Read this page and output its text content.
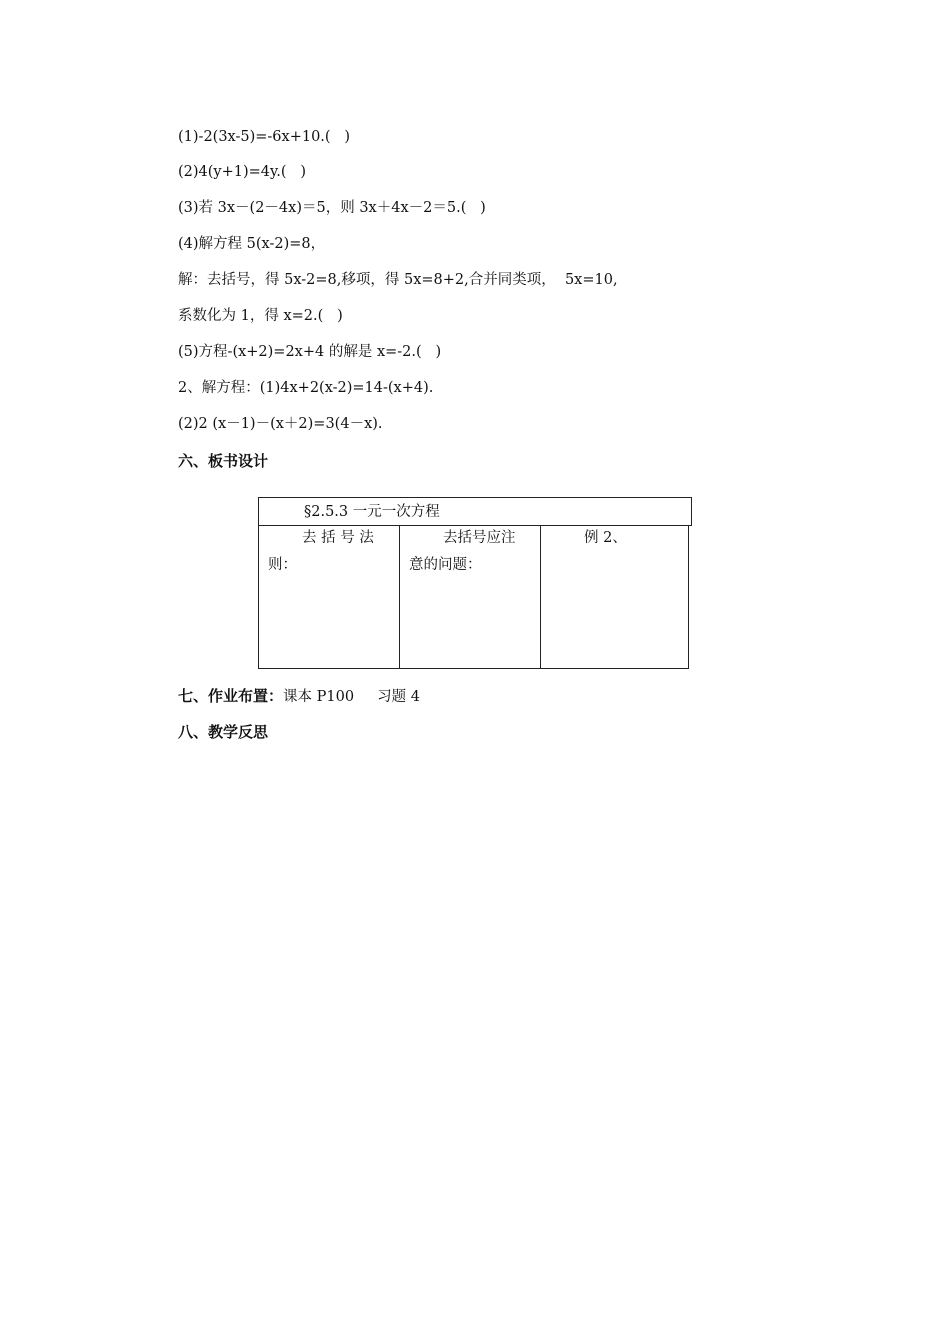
(1)-2(3x-5)=-6x+10.(   )
(2)4(y+1)=4y.(   )
(3)若 3x－(2－4x)＝5，则 3x＋4x－2＝5.(   )
(4)解方程 5(x-2)=8，
解：去括号，得 5x-2=8,移项，得 5x=8+2,合并同类项，  5x=10,
系数化为 1，得 x=2.(   )
(5)方程-(x+2)=2x+4 的解是 x=-2.(   )
2、解方程：(1)4x+2(x-2)=14-(x+4).
(2)2 (x－1)－(x＋2)=3(4－x).
六、板书设计
§2.5.3 一元一次方程
去 括 号 法
则：
去括号应注
意的问题：
例 2、
七、作业布置：课本 P100     习题 4
八、教学反思
